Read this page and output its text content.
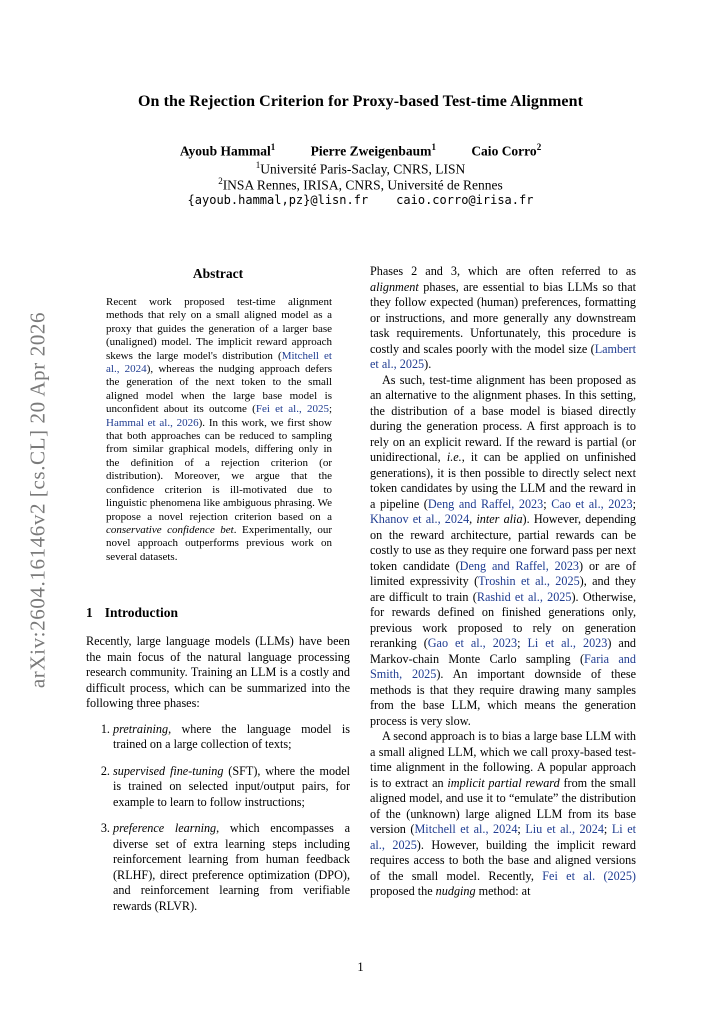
On the Rejection Criterion for Proxy-based Test-time Alignment
Ayoub Hammal$^1$	Pierre Zweigenbaum$^1$	Caio Corro$^2$
$^1$Université Paris-Saclay, CNRS, LISN
$^2$INSA Rennes, IRISA, CNRS, Université de Rennes
{ayoub.hammal,pz}@lisn.fr caio.corro@irisa.fr
arXiv:2604.16146v2 [cs.CL] 20 Apr 2026
Abstract
Recent work proposed test-time alignment methods that rely on a small aligned model as a proxy that guides the generation of a larger base (unaligned) model. The implicit reward approach skews the large model's distribution (Mitchell et al., 2024), whereas the nudging approach defers the generation of the next token to the small aligned model when the large base model is unconfident about its outcome (Fei et al., 2025; Hammal et al., 2026). In this work, we first show that both approaches can be reduced to sampling from similar graphical models, differing only in the definition of a rejection criterion (or distribution). Moreover, we argue that the confidence criterion is ill-motivated due to linguistic phenomena like ambiguous phrasing. We propose a novel rejection criterion based on a conservative confidence bet. Experimentally, our novel approach outperforms previous work on several datasets.
1 Introduction

Recently, large language models (LLMs) have been the main focus of the natural language processing research community. Training an LLM is a costly and difficult process, which can be summarized into the following three phases:

1. pretraining, where the language model is trained on a large collection of texts;
2. supervised fine-tuning (SFT), where the model is trained on selected input/output pairs, for example to learn to follow instructions;
3. preference learning, which encompasses a diverse set of extra learning steps including reinforcement learning from human feedback (RLHF), direct preference optimization (DPO), and reinforcement learning from verifiable rewards (RLVR).

Phases 2 and 3, which are often referred to as alignment phases, are essential to bias LLMs so that they follow expected (human) preferences, formatting or instructions, and more generally any downstream task requirements. Unfortunately, this procedure is costly and scales poorly with the model size (Lambert et al., 2025).

As such, test-time alignment has been proposed as an alternative to the alignment phases. In this setting, the distribution of a base model is biased directly during the generation process. A first approach is to rely on an explicit reward. If the reward is partial (or unidirectional, i.e., it can be applied on unfinished generations), it is then possible to directly select next token candidates by using the LLM and the reward in a pipeline (Deng and Raffel, 2023; Cao et al., 2023; Khanov et al., 2024, inter alia). However, depending on the reward architecture, partial rewards can be costly to use as they require one forward pass per next token candidate (Deng and Raffel, 2023) or are of limited expressivity (Troshin et al., 2025), and they are difficult to train (Rashid et al., 2025). Otherwise, for rewards defined on finished generations only, previous work proposed to rely on generation reranking (Gao et al., 2023; Li et al., 2023) and Markov-chain Monte Carlo sampling (Faria and Smith, 2025). An important downside of these methods is that they require drawing many samples from the base LLM, which means the generation process is very slow.

A second approach is to bias a large base LLM with a small aligned LLM, which we call proxy-based test-time alignment in the following. A popular approach is to extract an implicit partial reward from the small aligned model, and use it to “emulate” the distribution of the (unknown) large aligned LLM from its base version (Mitchell et al., 2024; Liu et al., 2024; Li et al., 2025). However, building the implicit reward requires access to both the base and aligned versions of the small model. Recently, Fei et al. (2025) proposed the nudging method: at

1
